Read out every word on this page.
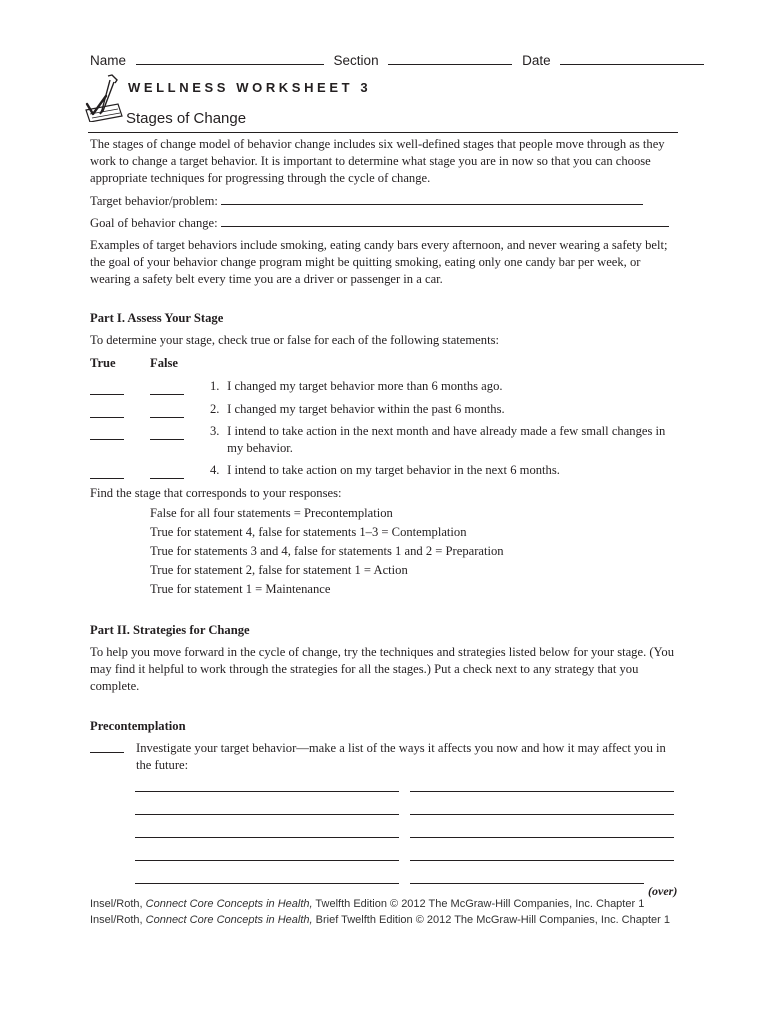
Name	Section	Date
WELLNESS WORKSHEET 3
Stages of Change

The stages of change model of behavior change includes six well-defined stages that people move through as they work to change a target behavior. It is important to determine what stage you are in now so that you can choose appropriate techniques for progressing through the cycle of change.

Target behavior/problem:
Goal of behavior change:

Examples of target behaviors include smoking, eating candy bars every afternoon, and never wearing a safety belt; the goal of your behavior change program might be quitting smoking, eating only one candy bar per week, or wearing a safety belt every time you are a driver or passenger in a car.

Part I. Assess Your Stage
To determine your stage, check true or false for each of the following statements:
True	False
1. I changed my target behavior more than 6 months ago.
2. I changed my target behavior within the past 6 months.
3. I intend to take action in the next month and have already made a few small changes in my behavior.
4. I intend to take action on my target behavior in the next 6 months.
Find the stage that corresponds to your responses:
False for all four statements = Precontemplation
True for statement 4, false for statements 1–3 = Contemplation
True for statements 3 and 4, false for statements 1 and 2 = Preparation
True for statement 2, false for statement 1 = Action
True for statement 1 = Maintenance
Part II. Strategies for Change

To help you move forward in the cycle of change, try the techniques and strategies listed below for your stage. (You may find it helpful to work through the strategies for all the stages.) Put a check next to any strategy that you complete.

Precontemplation

Investigate your target behavior—make a list of the ways it affects you now and how it may affect you in the future:

(over)
Insel/Roth, Connect Core Concepts in Health, Twelfth Edition © 2012 The McGraw-Hill Companies, Inc. Chapter 1
Insel/Roth, Connect Core Concepts in Health, Brief Twelfth Edition © 2012 The McGraw-Hill Companies, Inc. Chapter 1
